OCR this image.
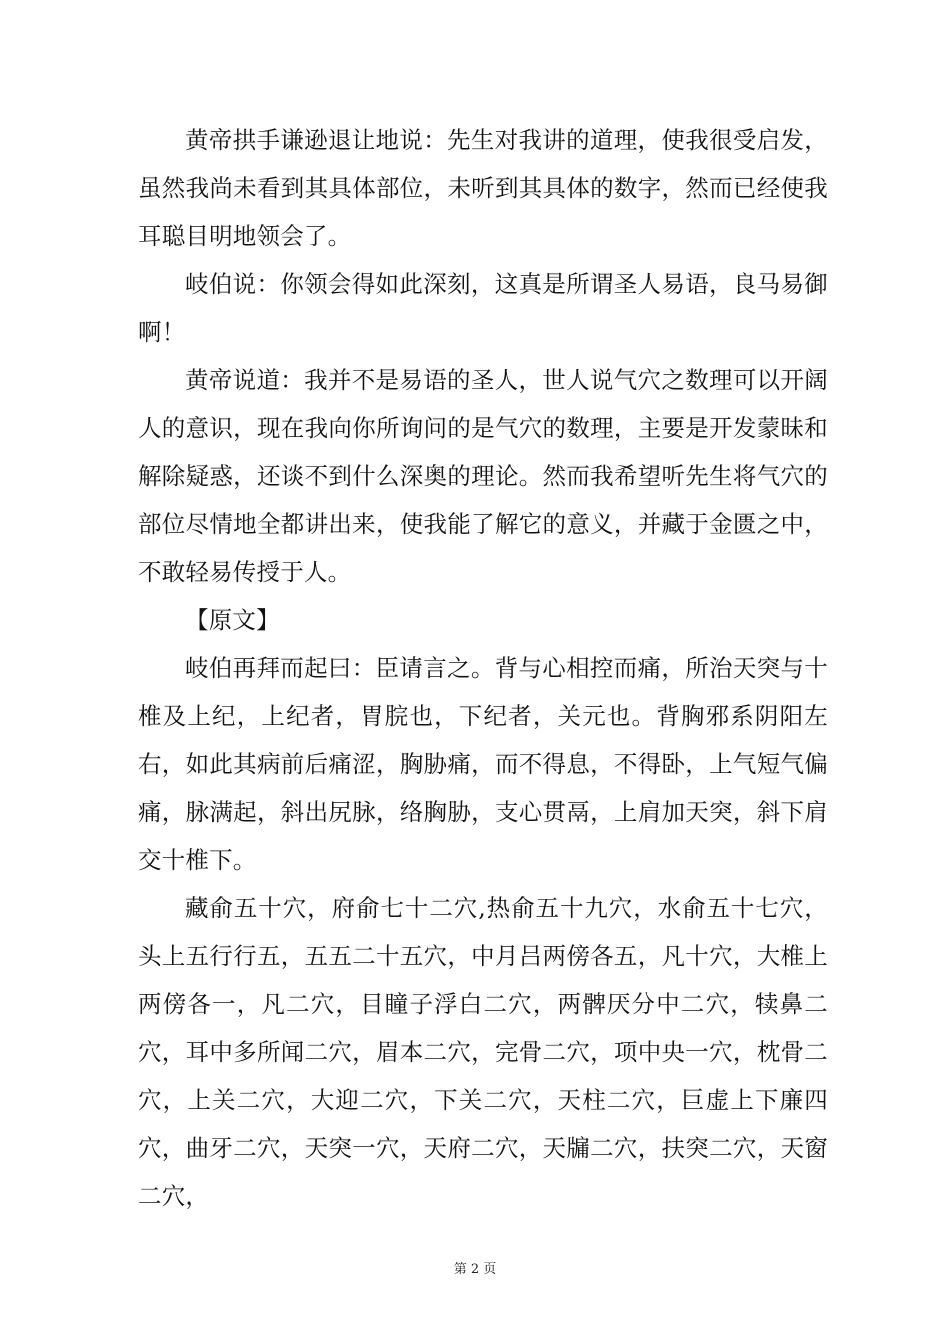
黄帝拱手谦逊退让地说：先生对我讲的道理，使我很受启发，虽然我尚未看到其具体部位，未听到其具体的数字，然而已经使我耳聪目明地领会了。

岐伯说：你领会得如此深刻，这真是所谓圣人易语，良马易御啊！

黄帝说道：我并不是易语的圣人，世人说气穴之数理可以开阔人的意识，现在我向你所询问的是气穴的数理，主要是开发蒙昧和解除疑惑，还谈不到什么深奥的理论。然而我希望听先生将气穴的部位尽情地全都讲出来，使我能了解它的意义，并藏于金匮之中，不敢轻易传授于人。

【原文】

岐伯再拜而起曰：臣请言之。背与心相控而痛，所治天突与十椎及上纪，上纪者，胃脘也，下纪者，关元也。背胸邪系阴阳左右，如此其病前后痛涩，胸胁痛，而不得息，不得卧，上气短气偏痛，脉满起，斜出尻脉，络胸胁，支心贯鬲，上肩加天突，斜下肩交十椎下。

藏俞五十穴，府俞七十二穴,热俞五十九穴，水俞五十七穴，头上五行行五，五五二十五穴，中月吕两傍各五，凡十穴，大椎上两傍各一，凡二穴，目瞳子浮白二穴，两髀厌分中二穴，犊鼻二穴，耳中多所闻二穴，眉本二穴，完骨二穴，项中央一穴，枕骨二穴，上关二穴，大迎二穴，下关二穴，天柱二穴，巨虚上下廉四穴，曲牙二穴，天突一穴，天府二穴，天牖二穴，扶突二穴，天窗二穴，

第 2 页
